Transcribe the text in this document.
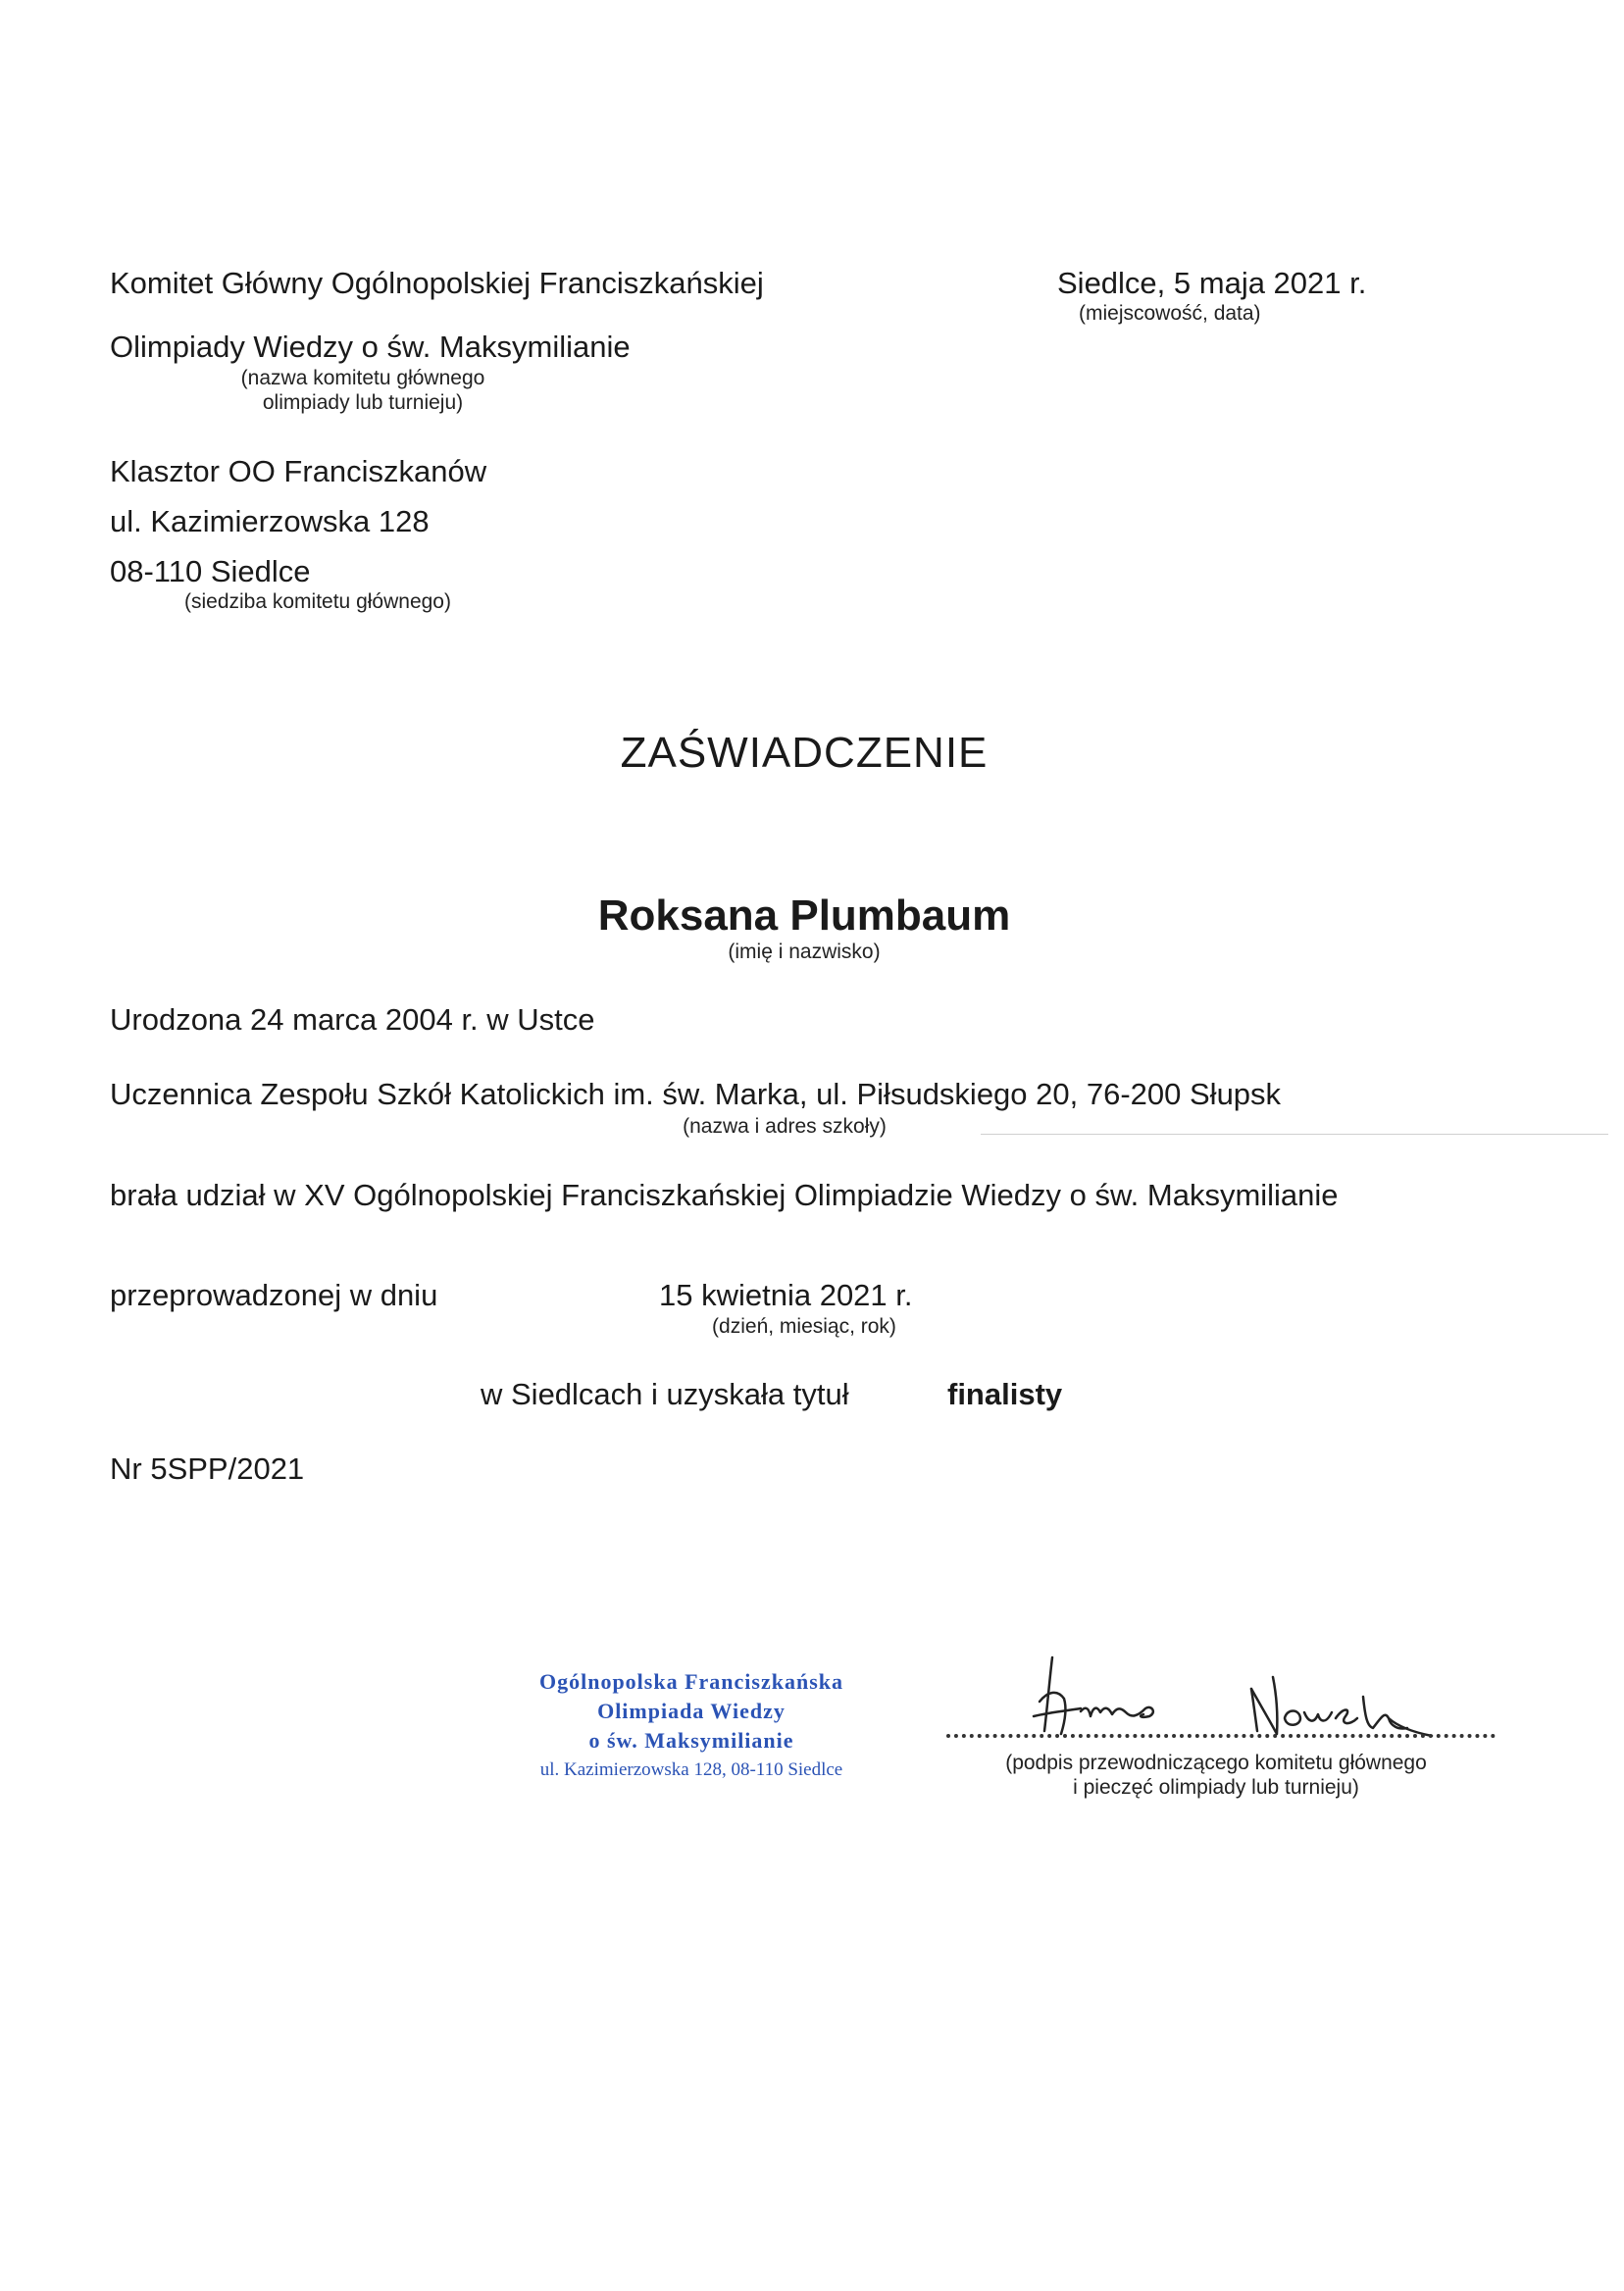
Komitet Główny Ogólnopolskiej Franciszkańskiej
Olimpiady Wiedzy o św. Maksymilianie
(nazwa komitetu głównego
olimpiady lub turnieju)
Siedlce, 5 maja 2021 r.
(miejscowość, data)
Klasztor OO Franciszkanów
ul. Kazimierzowska 128
08-110 Siedlce
(siedziba komitetu głównego)
ZAŚWIADCZENIE
Roksana Plumbaum
(imię i nazwisko)
Urodzona 24 marca 2004 r. w Ustce
Uczennica Zespołu Szkół Katolickich im. św. Marka, ul. Piłsudskiego 20, 76-200 Słupsk
(nazwa i adres szkoły)
brała udział w XV Ogólnopolskiej Franciszkańskiej Olimpiadzie Wiedzy o św. Maksymilianie
przeprowadzonej w dniu	15 kwietnia 2021 r.
(dzień, miesiąc, rok)
w Siedlcach i uzyskała tytuł	finalisty
Nr 5SPP/2021
Ogólnopolska Franciszkańska
Olimpiada Wiedzy
o św. Maksymilianie
ul. Kazimierzowska 128, 08-110 Siedlce	(podpis przewodniczącego komitetu głównego
i pieczęć olimpiady lub turnieju)
